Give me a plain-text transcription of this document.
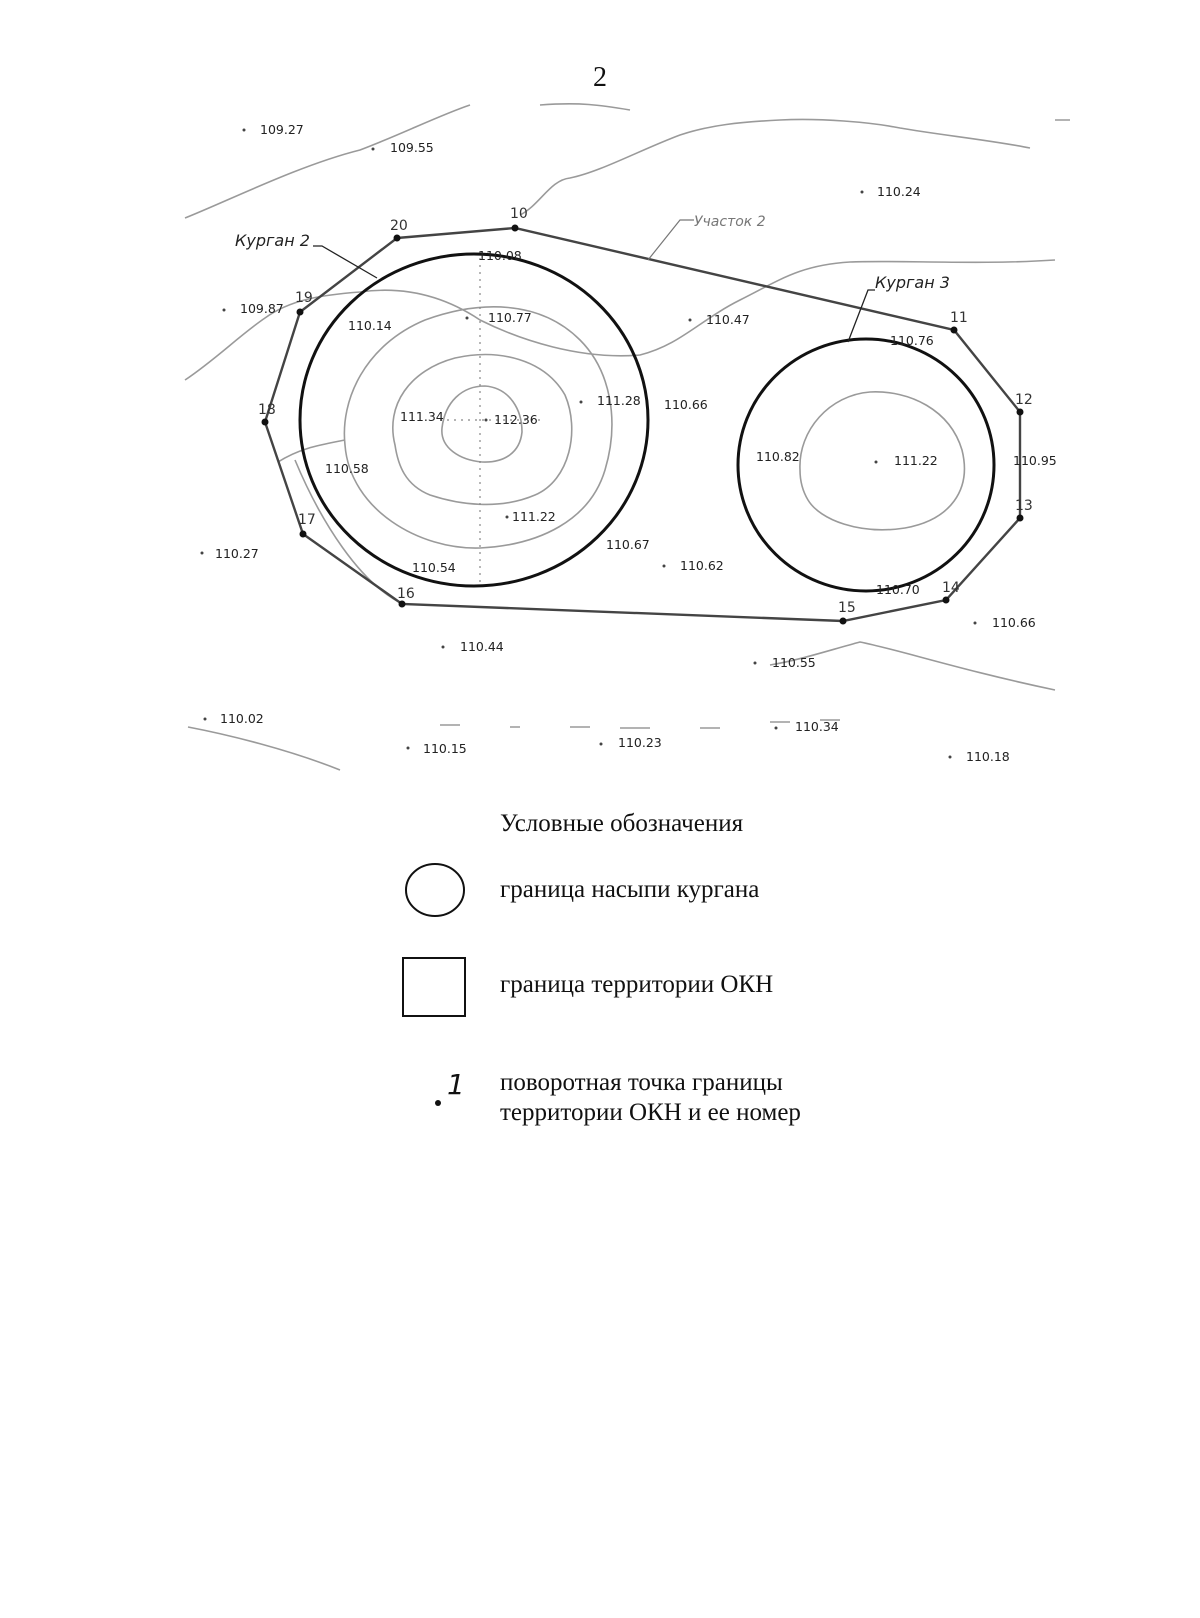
2
10
11
12
13
14
15
16
17
18
19
20
Курган 2
Курган 3
Участок 2
109.27
109.55
110.24
110.08
109.87
110.14
110.77	110.47
110.76
111.34	112.36
111.28 110.66
110.82	111.22	110.95
110.58
111.22
110.27
110.67
110.62
110.54
110.70
110.66
110.44
110.55
110.02
110.15	110.23
110.34
110.18
1
Условные обозначения
граница насыпи кургана
граница территории ОКН
поворотная точка границы
территории ОКН и ее номер
